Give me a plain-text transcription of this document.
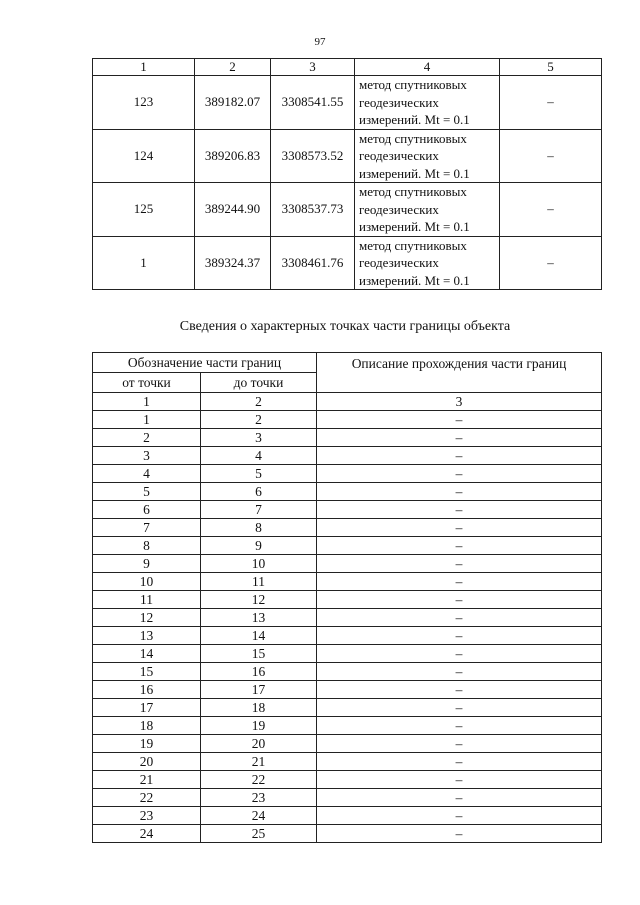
97
1	2	3	4	5
123	389182.07	3308541.55	метод спутниковых
геодезических
измерений. Mt = 0.1	–
124	389206.83	3308573.52	метод спутниковых
геодезических
измерений. Mt = 0.1	–
125	389244.90	3308537.73	метод спутниковых
геодезических
измерений. Mt = 0.1	–
1	389324.37	3308461.76	метод спутниковых
геодезических
измерений. Mt = 0.1	–
Сведения о характерных точках части границы объекта
Обозначение части границ		Описание прохождения части границ
от точки	до точки	
1	2	3
1	2	–
2	3	–
3	4	–
4	5	–
5	6	–
6	7	–
7	8	–
8	9	–
9	10	–
10	11	–
11	12	–
12	13	–
13	14	–
14	15	–
15	16	–
16	17	–
17	18	–
18	19	–
19	20	–
20	21	–
21	22	–
22	23	–
23	24	–
24	25	–
